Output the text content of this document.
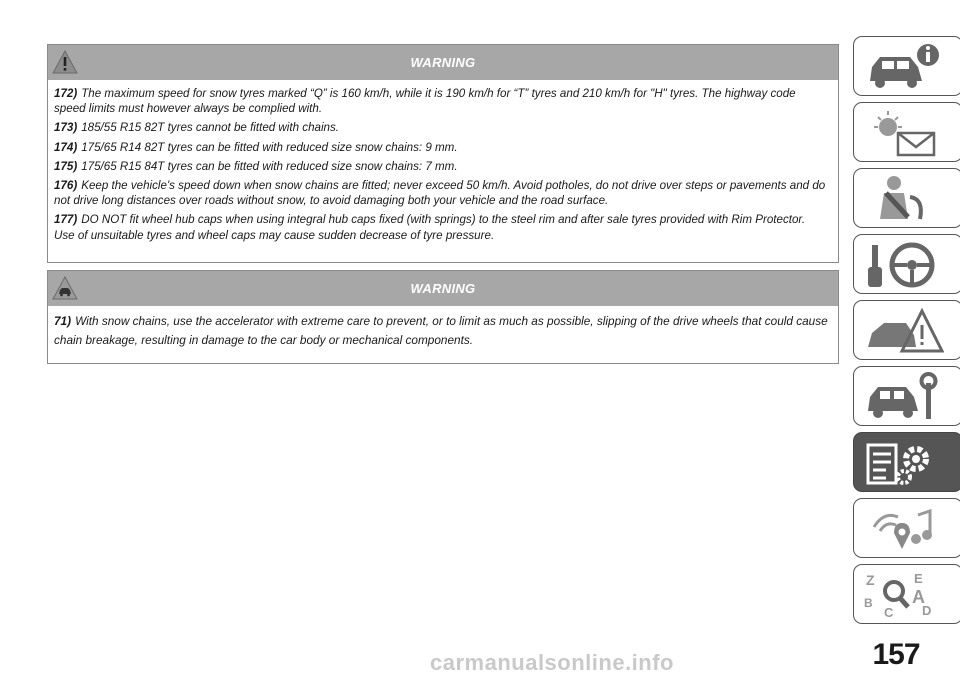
WARNING

172) The maximum speed for snow tyres marked “Q” is 160 km/h, while it is 190 km/h for “T” tyres and 210 km/h for "H" tyres. The highway code speed limits must however always be complied with.

173) 185/55 R15 82T tyres cannot be fitted with chains.

174) 175/65 R14 82T tyres can be fitted with reduced size snow chains: 9 mm.

175) 175/65 R15 84T tyres can be fitted with reduced size snow chains: 7 mm.

176) Keep the vehicle's speed down when snow chains are fitted; never exceed 50 km/h. Avoid potholes, do not drive over steps or pavements and do not drive long distances over roads without snow, to avoid damaging both your vehicle and the road surface.

177) DO NOT fit wheel hub caps when using integral hub caps fixed (with springs) to the steel rim and after sale tyres provided with Rim Protector. Use of unsuitable tyres and wheel caps may cause sudden decrease of tyre pressure.

WARNING

71) With snow chains, use the accelerator with extreme care to prevent, or to limit as much as possible, slipping of the drive wheels that could cause chain breakage, resulting in damage to the car body or mechanical components.

Z	E
B A
D
C
157
carmanualsonline.info
